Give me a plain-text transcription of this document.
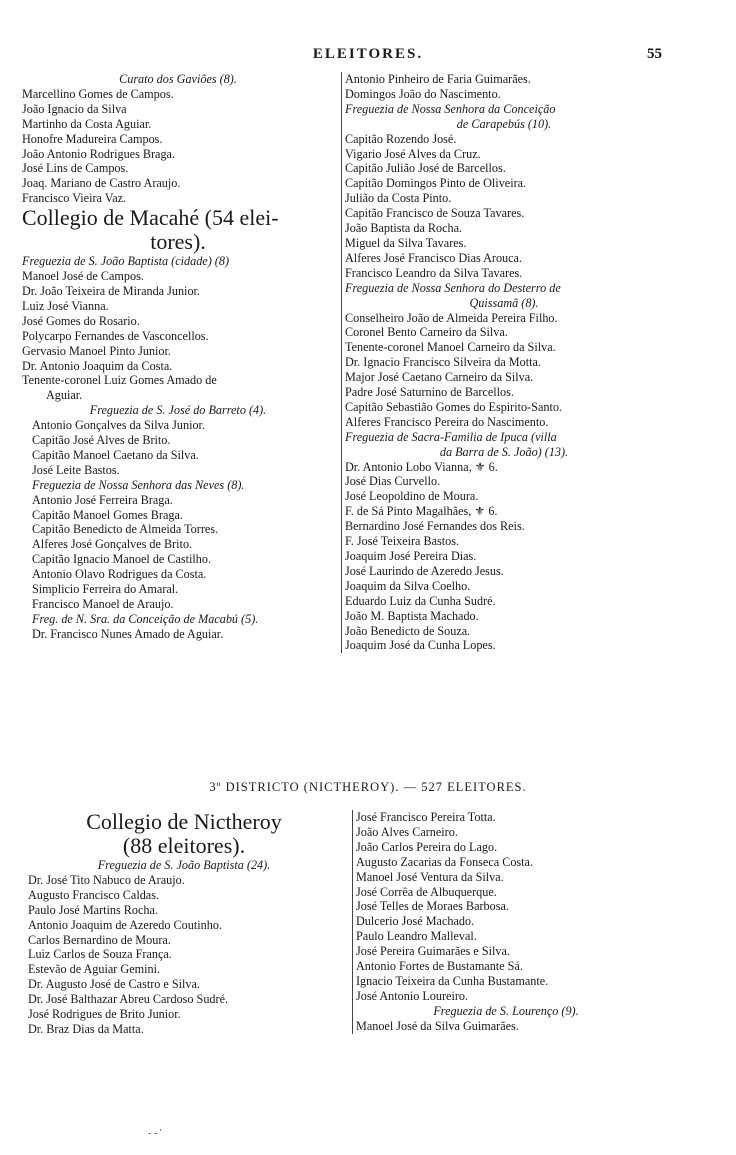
ELEITORES.	55
Curato dos Gaviões (8).
Marcellino Gomes de Campos.
João Ignacio da Silva
Martinho da Costa Aguiar.
Honofre Madureira Campos.
João Antonio Rodrigues Braga.
José Lins de Campos.
Joaq. Mariano de Castro Araujo.
Francisco Vieira Vaz.
Collegio de Macahé (54 elei-
tores).
Freguezia de S. João Baptista (cidade) (8)
Manoel José de Campos.
Dr. João Teixeira de Miranda Junior.
Luiz José Vianna.
José Gomes do Rosario.
Polycarpo Fernandes de Vasconcellos.
Gervasio Manoel Pinto Junior.
Dr. Antonio Joaquim da Costa.
Tenente-coronel Luiz Gomes Amado de
Aguiar.
Freguezia de S. José do Barreto (4).
Antonio Gonçalves da Silva Junior.
Capitão José Alves de Brito.
Capitão Manoel Caetano da Silva.
José Leite Bastos.
Freguezia de Nossa Senhora das Neves (8).
Antonio José Ferreira Braga.
Capitão Manoel Gomes Braga.
Capitão Benedicto de Almeida Torres.
Alferes José Gonçalves de Brito.
Capitão Ignacio Manoel de Castilho.
Antonio Olavo Rodrigues da Costa.
Simplicio Ferreira do Amaral.
Francisco Manoel de Araujo.
Freg. de N. Sra. da Conceição de Macabú (5).
Dr. Francisco Nunes Amado de Aguiar.
Antonio Pinheiro de Faria Guimarães.
Domingos João do Nascimento.
Freguezia de Nossa Senhora da Conceição
de Carapebús (10).
Capitão Rozendo José.
Vigario José Alves da Cruz.
Capitão Julião José de Barcellos.
Capitão Domingos Pinto de Oliveira.
Julião da Costa Pinto.
Capitão Francisco de Souza Tavares.
João Baptista da Rocha.
Miguel da Silva Tavares.
Alferes José Francisco Dias Arouca.
Francisco Leandro da Silva Tavares.
Freguezia de Nossa Senhora do Desterro de
Quissamã (8).
Conselheiro João de Almeida Pereira Filho.
Coronel Bento Carneiro da Silva.
Tenente-coronel Manoel Carneiro da Silva.
Dr. Ignacio Francisco Silveira da Motta.
Major José Caetano Carneiro da Silva.
Padre José Saturnino de Barcellos.
Capitão Sebastião Gomes do Espirito-Santo.
Alferes Francisco Pereira do Nascimento.
Freguezia de Sacra-Familia de Ipuca (villa
da Barra de S. João) (13).
Dr. Antonio Lobo Vianna, ⚜ 6.
José Dias Curvello.
José Leopoldino de Moura.
F. de Sá Pinto Magalhães, ⚜ 6.
Bernardino José Fernandes dos Reis.
F. José Teixeira Bastos.
Joaquim José Pereira Dias.
José Laurindo de Azeredo Jesus.
Joaquim da Silva Coelho.
Eduardo Luiz da Cunha Sudré.
João M. Baptista Machado.
João Benedicto de Souza.
Joaquim José da Cunha Lopes.
3º DISTRICTO (NICTHEROY). — 527 ELEITORES.
Collegio de Nictheroy
(88 eleitores).
Freguezia de S. João Baptista (24).
Dr. José Tito Nabuco de Araujo.
Augusto Francisco Caldas.
Paulo José Martins Rocha.
Antonio Joaquim de Azeredo Coutinho.
Carlos Bernardino de Moura.
Luiz Carlos de Souza França.
Estevão de Aguiar Gemini.
Dr. Augusto José de Castro e Silva.
Dr. José Balthazar Abreu Cardoso Sudré.
José Rodrigues de Brito Junior.
Dr. Braz Dias da Matta.
José Francisco Pereira Totta.
João Alves Carneiro.
João Carlos Pereira do Lago.
Augusto Zacarias da Fonseca Costa.
Manoel José Ventura da Silva.
José Corrêa de Albuquerque.
José Telles de Moraes Barbosa.
Dulcerio José Machado.
Paulo Leandro Malleval.
José Pereira Guimarães e Silva.
Antonio Fortes de Bustamante Sá.
Ignacio Teixeira da Cunha Bustamante.
José Antonio Loureiro.
Freguezia de S. Lourenço (9).
Manoel José da Silva Guimarães.
‑ ‑ '
